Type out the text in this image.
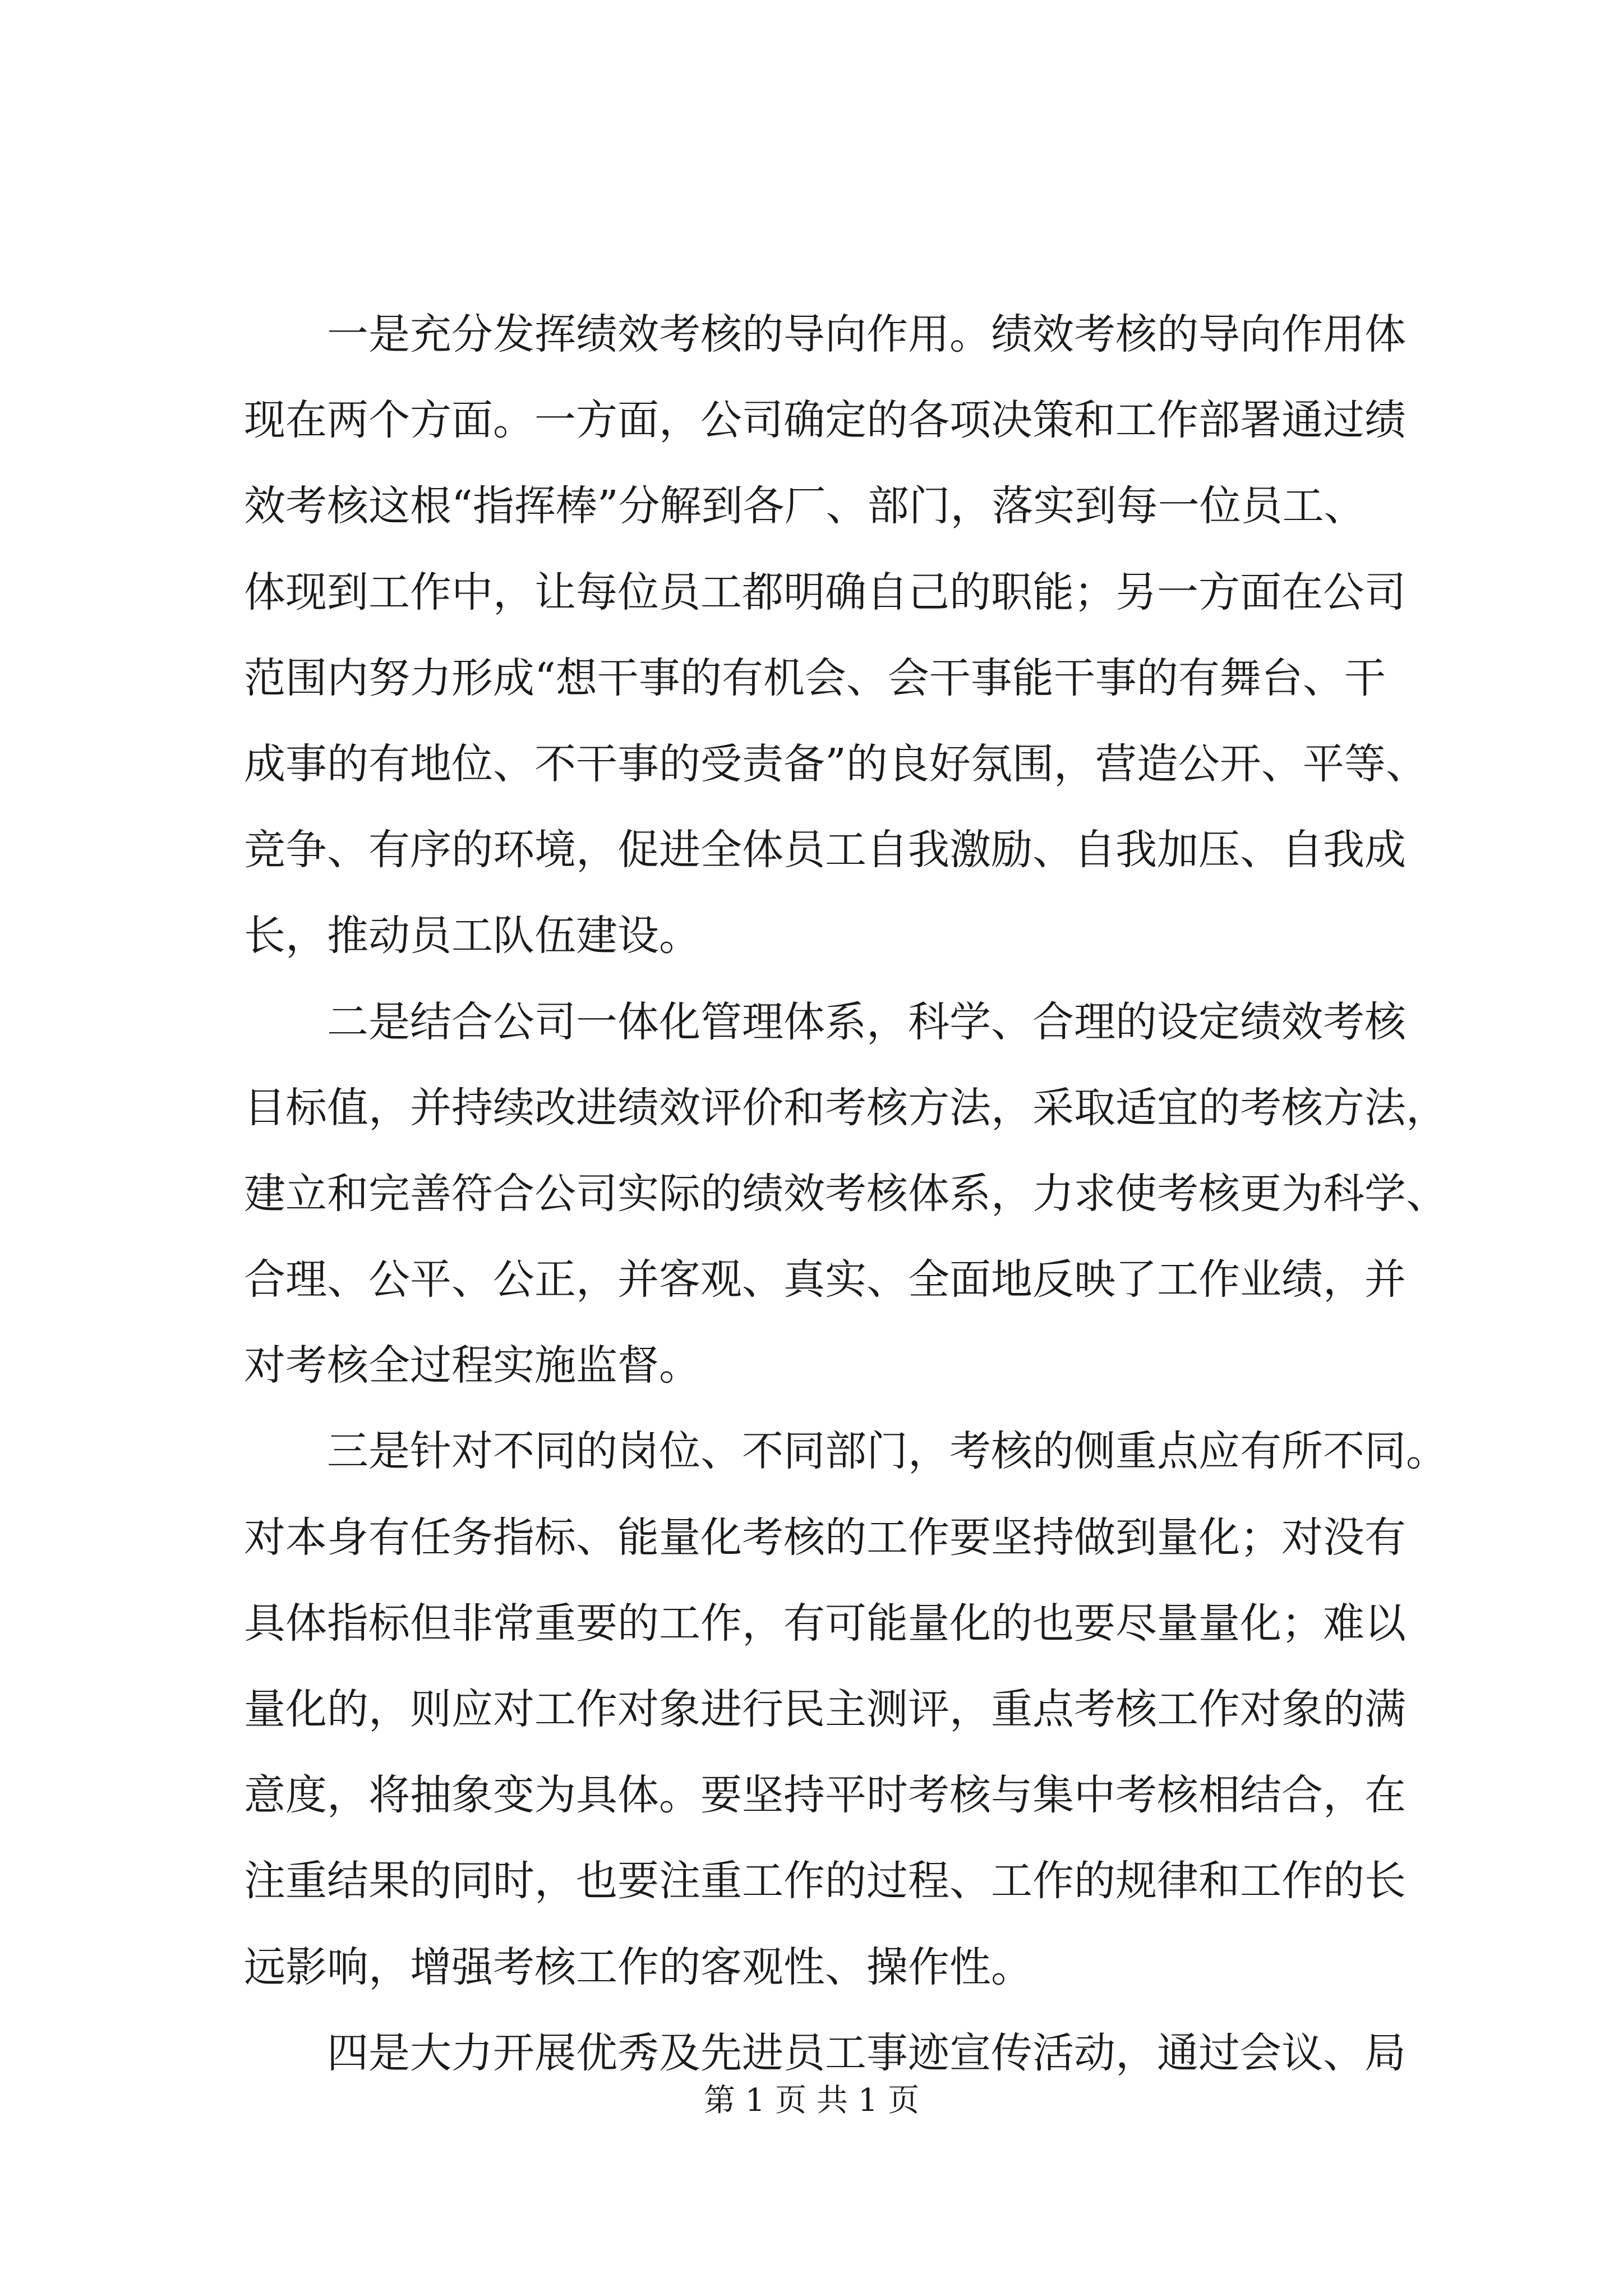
一是充分发挥绩效考核的导向作用。绩效考核的导向作用体
现在两个方面。一方面，公司确定的各项决策和工作部署通过绩
效考核这根“指挥棒”分解到各厂、部门，落实到每一位员工、
体现到工作中，让每位员工都明确自己的职能；另一方面在公司
范围内努力形成“想干事的有机会、会干事能干事的有舞台、干
成事的有地位、不干事的受责备”的良好氛围，营造公开、平等、
竞争、有序的环境，促进全体员工自我激励、自我加压、自我成
长，推动员工队伍建设。
二是结合公司一体化管理体系，科学、合理的设定绩效考核
目标值，并持续改进绩效评价和考核方法，采取适宜的考核方法，
建立和完善符合公司实际的绩效考核体系，力求使考核更为科学、
合理、公平、公正，并客观、真实、全面地反映了工作业绩，并
对考核全过程实施监督。
三是针对不同的岗位、不同部门，考核的侧重点应有所不同。
对本身有任务指标、能量化考核的工作要坚持做到量化；对没有
具体指标但非常重要的工作，有可能量化的也要尽量量化；难以
量化的，则应对工作对象进行民主测评，重点考核工作对象的满
意度，将抽象变为具体。要坚持平时考核与集中考核相结合，在
注重结果的同时，也要注重工作的过程、工作的规律和工作的长
远影响，增强考核工作的客观性、操作性。
四是大力开展优秀及先进员工事迹宣传活动，通过会议、局
第 1 页 共 1 页
